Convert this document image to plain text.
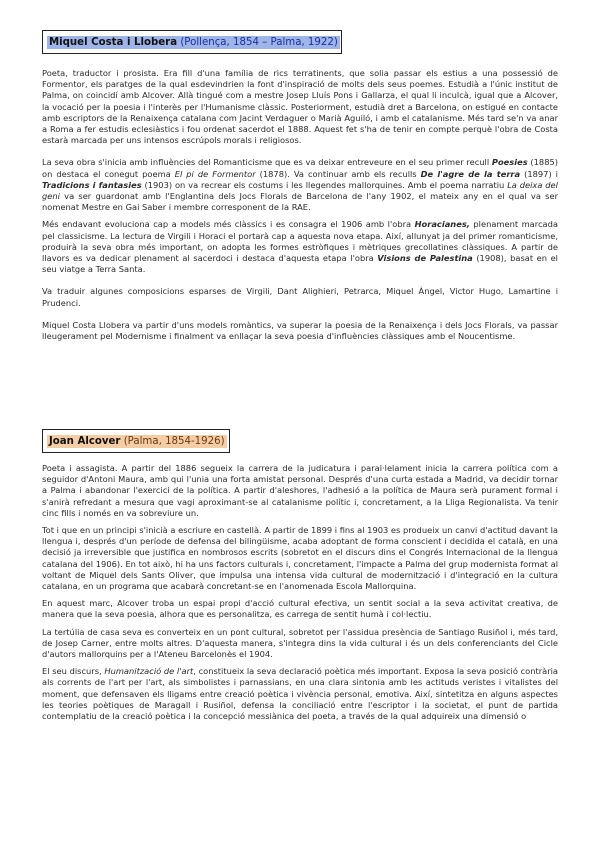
Miquel Costa i Llobera (Pollença, 1854 – Palma, 1922)

Poeta, traductor i prosista. Era fill d'una família de rics terratinents, que solia passar els estius a una possessió de Formentor, els paratges de la qual esdevindrien la font d'inspiració de molts dels seus poemes. Estudià a l'únic institut de Palma, on coincidí amb Alcover. Allà tingué com a mestre Josep Lluís Pons i Gallarza, el qual li inculcà, igual que a Alcover, la vocació per la poesia i l'interès per l'Humanisme clàssic. Posteriorment, estudià dret a Barcelona, on estigué en contacte amb escriptors de la Renaixença catalana com Jacint Verdaguer o Marià Aguiló, i amb el catalanisme. Més tard se'n va anar a Roma a fer estudis eclesiàstics i fou ordenat sacerdot el 1888. Aquest fet s'ha de tenir en compte perquè l'obra de Costa estarà marcada per uns intensos escrúpols morals i religiosos.

La seva obra s'inicia amb influències del Romanticisme que es va deixar entreveure en el seu primer recull Poesies (1885) on destaca el conegut poema El pi de Formentor (1878). Va continuar amb els reculls De l'agre de la terra (1897) i Tradicions i fantasies (1903) on va recrear els costums i les llegendes mallorquines. Amb el poema narratiu La deixa del geni va ser guardonat amb l'Englantina dels Jocs Florals de Barcelona de l'any 1902, el mateix any en el qual va ser nomenat Mestre en Gai Saber i membre corresponent de la RAE.

Més endavant evoluciona cap a models més clàssics i es consagra el 1906 amb l'obra Horacianes, plenament marcada pel classicisme. La lectura de Virgili i Horaci el portarà cap a aquesta nova etapa. Així, allunyat ja del primer romanticisme, produirà la seva obra més important, on adopta les formes estròfiques i mètriques grecollatines clàssiques. A partir de llavors es va dedicar plenament al sacerdoci i destaca d'aquesta etapa l'obra Visions de Palestina (1908), basat en el seu viatge a Terra Santa.

Va traduir algunes composicions esparses de Virgili, Dant Alighieri, Petrarca, Miquel Àngel, Victor Hugo, Lamartine i Prudenci.

Miquel Costa Llobera va partir d'uns models romàntics, va superar la poesia de la Renaixença i dels Jocs Florals, va passar lleugerament pel Modernisme i finalment va enllaçar la seva poesia d'influències clàssiques amb el Noucentisme.

Joan Alcover (Palma, 1854-1926)

Poeta i assagista. A partir del 1886 segueix la carrera de la judicatura i paral·lelament inicia la carrera política com a seguidor d'Antoni Maura, amb qui l'unia una forta amistat personal. Després d'una curta estada a Madrid, va decidir tornar a Palma i abandonar l'exercici de la política. A partir d'aleshores, l'adhesió a la política de Maura serà purament formal i s'anirà refredant a mesura que vagi aproximant-se al catalanisme polític i, concretament, a la Lliga Regionalista. Va tenir cinc fills i només en va sobreviure un.

Tot i que en un principi s'inicià a escriure en castellà. A partir de 1899 i fins al 1903 es produeix un canvi d'actitud davant la llengua i, després d'un període de defensa del bilingüisme, acaba adoptant de forma conscient i decidida el català, en una decisió ja irreversible que justifica en nombrosos escrits (sobretot en el discurs dins el Congrés Internacional de la llengua catalana del 1906). En tot això, hi ha uns factors culturals i, concretament, l'impacte a Palma del grup modernista format al voltant de Miquel dels Sants Oliver, que impulsa una intensa vida cultural de modernització i d'integració en la cultura catalana, en un programa que acabarà concretant-se en l'anomenada Escola Mallorquina.

En aquest marc, Alcover troba un espai propi d'acció cultural efectiva, un sentit social a la seva activitat creativa, de manera que la seva poesia, alhora que es personalitza, es carrega de sentit humà i col·lectiu.

La tertúlia de casa seva es converteix en un pont cultural, sobretot per l'assidua presència de Santiago Rusiñol i, més tard, de Josep Carner, entre molts altres. D'aquesta manera, s'integra dins la vida cultural i és un dels conferenciants del Cicle d'autors mallorquins per a l'Ateneu Barcelonès el 1904.

El seu discurs, Humanització de l'art, constitueix la seva declaració poètica més important. Exposa la seva posició contrària als corrents de l'art per l'art, als simbolistes i parnassians, en una clara sintonia amb les actituds veristes i vitalistes del moment, que defensaven els lligams entre creació poètica i vivència personal, emotiva. Així, sintetitza en alguns aspectes les teories poètiques de Maragall i Rusiñol, defensa la conciliació entre l'escriptor i la societat, el punt de partida contemplatiu de la creació poètica i la concepció messiànica del poeta, a través de la qual adquireix una dimensió o
